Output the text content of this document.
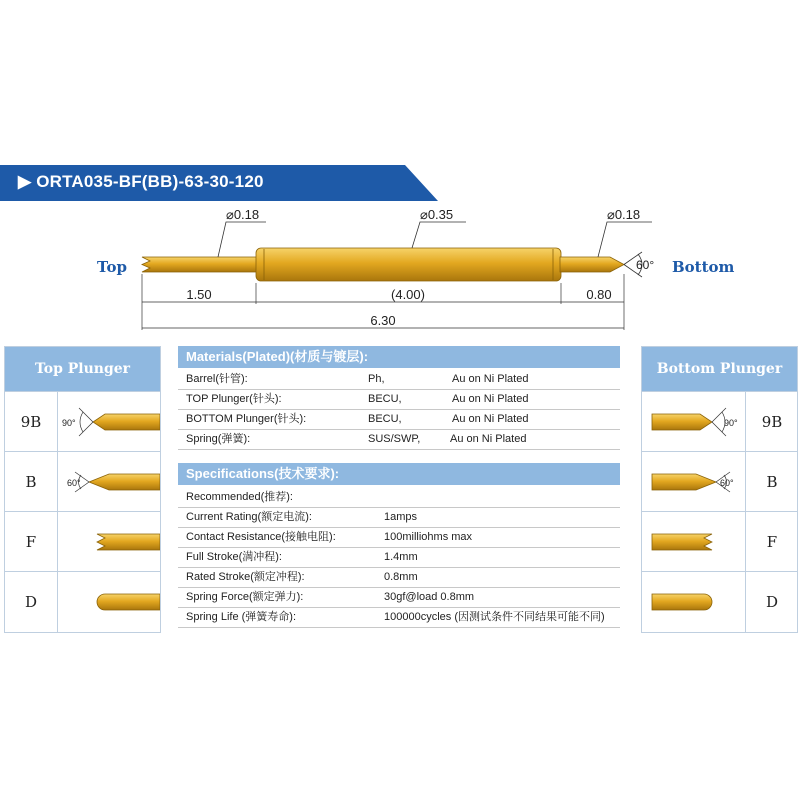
▶ ORTA035-BF(BB)-63-30-120
⌀0.18	⌀0.35	⌀0.18
60°
1.50	(4.00)	0.80
6.30
Top	Bottom
Top Plunger
9B	90°
B	60°
F
D
Materials(Plated)(材质与镀层):
Barrel(针管):	Ph,	Au on Ni Plated
TOP Plunger(针头):	BECU,	Au on Ni Plated
BOTTOM Plunger(针头):	BECU,	Au on Ni Plated
Spring(弹簧):	SUS/SWP,	Au on Ni Plated
Specifications(技术要求):
Recommended(推荐):
Current Rating(额定电流):	1amps
Contact Resistance(接触电阻):	100milliohms max
Full Stroke(满冲程):	1.4mm
Rated Stroke(额定冲程):	0.8mm
Spring Force(额定弹力):	30gf@load 0.8mm
Spring Life (弹簧寿命):	100000cycles (因测试条件不同结果可能不同)
Bottom Plunger
90°	9B
60°	B
F
D
